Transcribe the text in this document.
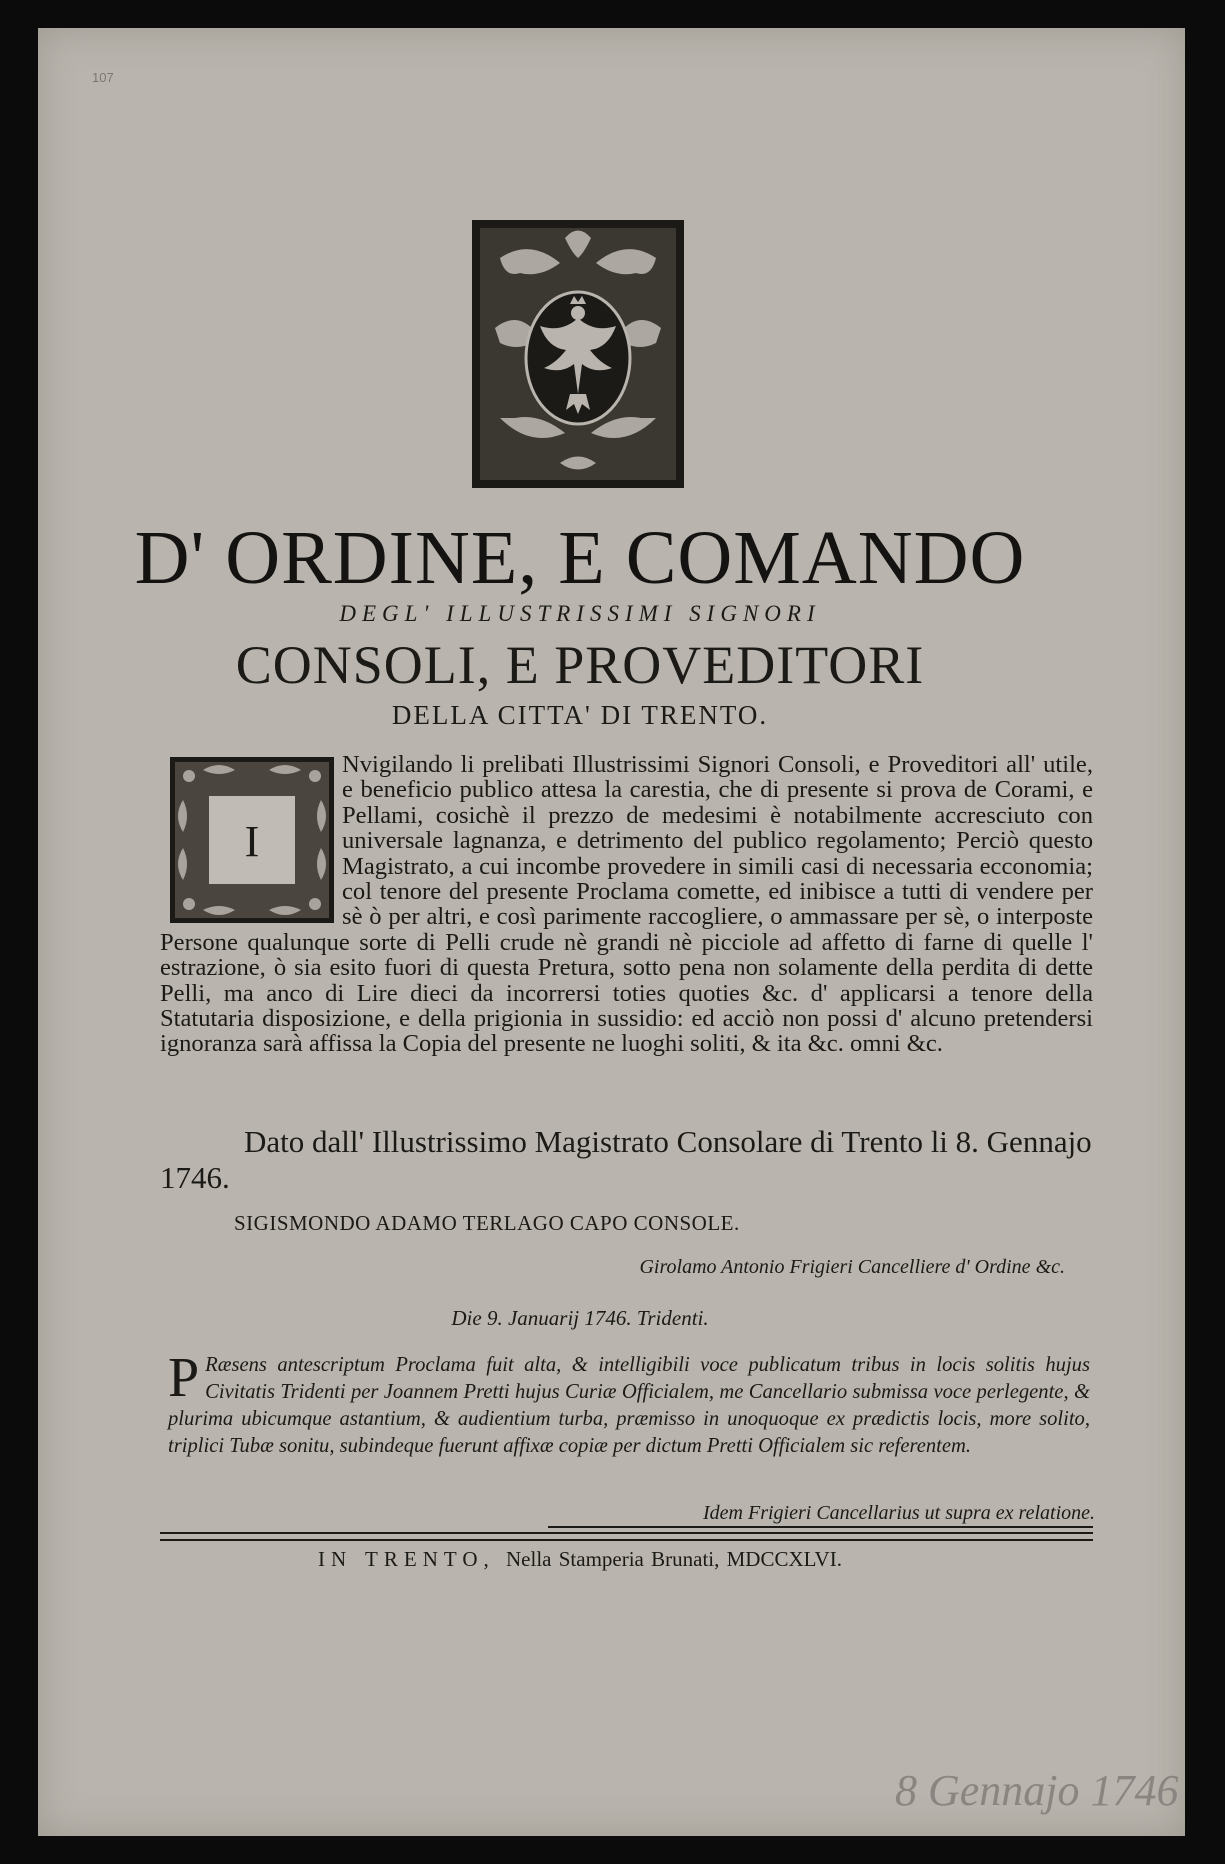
107
D' ORDINE, E COMANDO
DEGL' ILLUSTRISSIMI SIGNORI
CONSOLI, E PROVEDITORI
DELLA CITTA' DI TRENTO.
I

Nvigilando li prelibati Illustrissimi Signori Consoli, e Proveditori all' utile, e beneficio publico attesa la carestia, che di presente si prova de Corami, e Pellami, cosichè il prezzo de medesimi è notabilmente accresciuto con universale lagnanza, e detrimento del publico regolamento; Perciò questo Magistrato, a cui incombe provedere in simili casi di necessaria ecconomia; col tenore del presente Proclama comette, ed inibisce a tutti di vendere per sè ò per altri, e così parimente raccogliere, o ammassare per sè, o interposte Persone qualunque sorte di Pelli crude nè grandi nè picciole ad affetto di farne di quelle l' estrazione, ò sia esito fuori di questa Pretura, sotto pena non solamente della perdita di dette Pelli, ma anco di Lire dieci da incorrersi toties quoties &c. d' applicarsi a tenore della Statutaria disposizione, e della prigionia in sussidio: ed acciò non possi d' alcuno pretendersi ignoranza sarà affissa la Copia del presente ne luoghi soliti, & ita &c. omni &c.

Dato dall' Illustrissimo Magistrato Consolare di Trento li 8. Gennajo 1746.

SIGISMONDO ADAMO TERLAGO CAPO CONSOLE.
Girolamo Antonio Frigieri Cancelliere d' Ordine &c.
Die 9. Januarij 1746. Tridenti.

P Ræsens antescriptum Proclama fuit alta, & intelligibili voce publicatum tribus in locis solitis hujus Civitatis Tridenti per Joannem Pretti hujus Curiæ Officialem, me Cancellario submissa voce perlegente, & plurima ubicumque astantium, & audientium turba, præmisso in unoquoque ex prædictis locis, more solito, triplici Tubæ sonitu, subindeque fuerunt affixæ copiæ per dictum Pretti Officialem sic referentem.

Idem Frigieri Cancellarius ut supra ex relatione.
IN TRENTO, Nella Stamperia Brunati, MDCCXLVI.
8 Gennajo 1746
